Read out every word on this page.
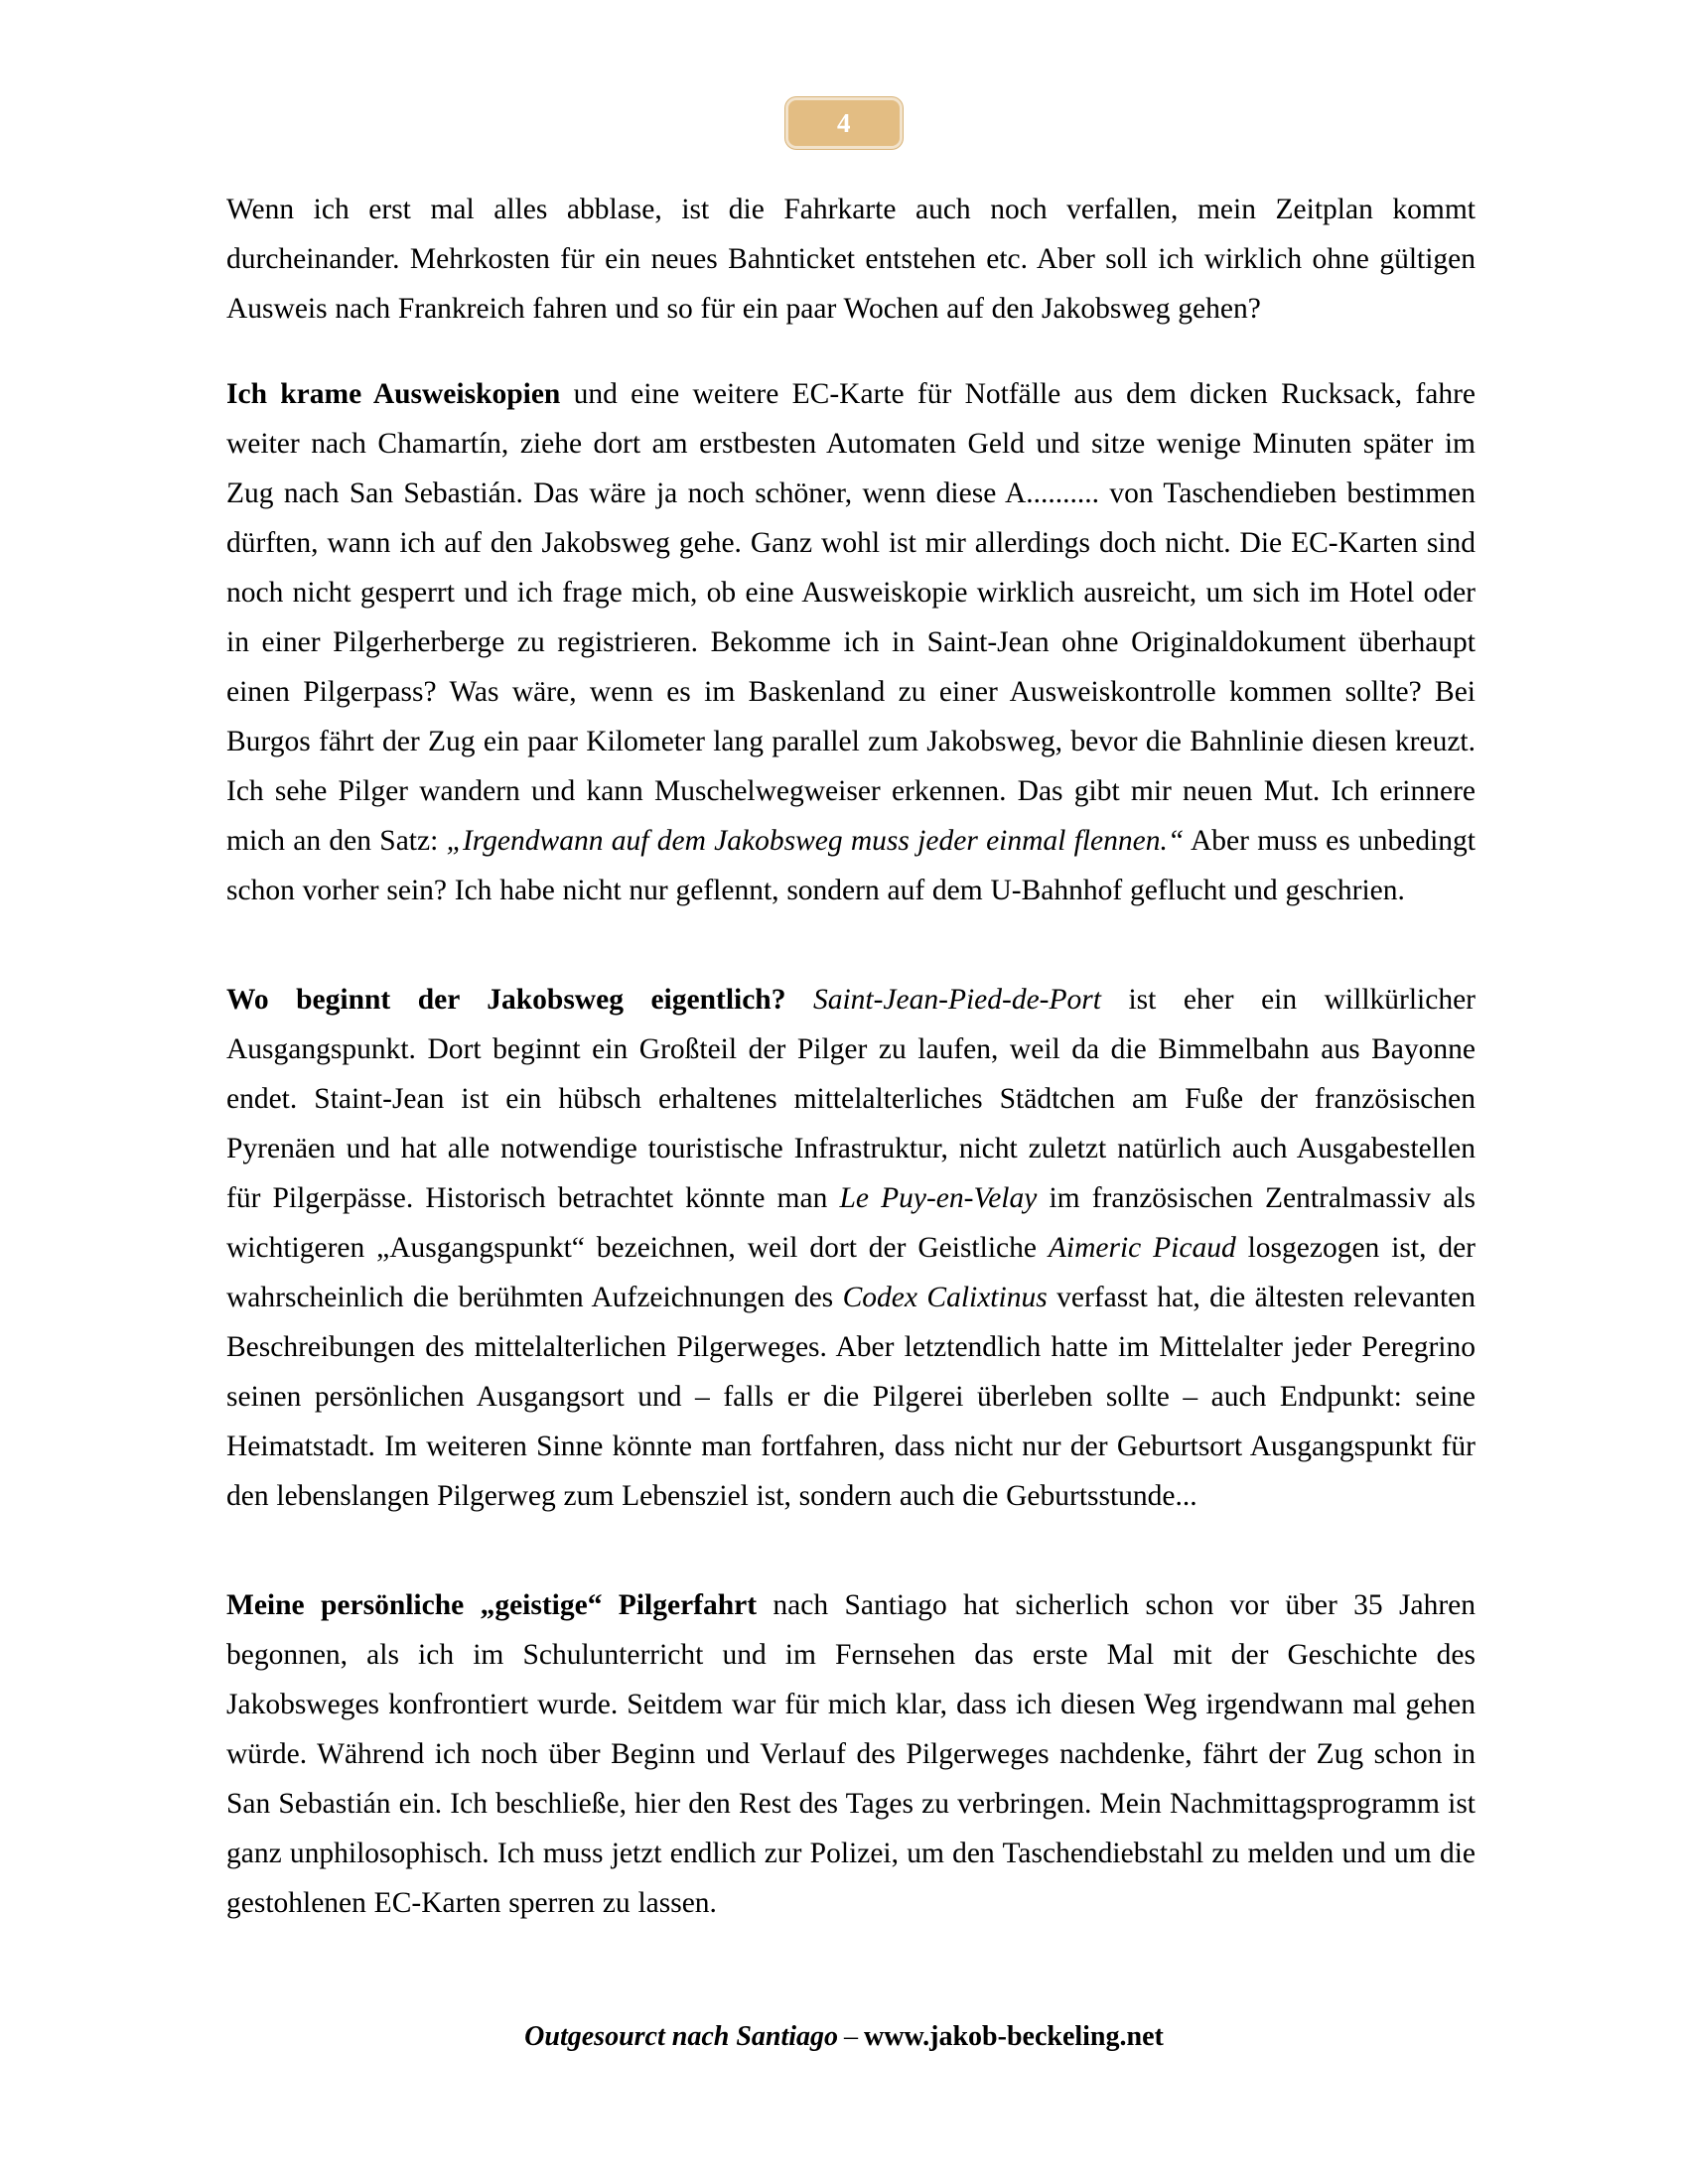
4

Wenn ich erst mal alles abblase, ist die Fahrkarte auch noch verfallen, mein Zeitplan kommt durcheinander. Mehrkosten für ein neues Bahnticket entstehen etc. Aber soll ich wirklich ohne gültigen Ausweis nach Frankreich fahren und so für ein paar Wochen auf den Jakobsweg gehen?

Ich krame Ausweiskopien und eine weitere EC-Karte für Notfälle aus dem dicken Rucksack, fahre weiter nach Chamartín, ziehe dort am erstbesten Automaten Geld und sitze wenige Minuten später im Zug nach San Sebastián. Das wäre ja noch schöner, wenn diese A.......... von Taschendieben bestimmen dürften, wann ich auf den Jakobsweg gehe. Ganz wohl ist mir allerdings doch nicht. Die EC-Karten sind noch nicht gesperrt und ich frage mich, ob eine Ausweiskopie wirklich ausreicht, um sich im Hotel oder in einer Pilgerherberge zu registrieren. Bekomme ich in Saint-Jean ohne Originaldokument überhaupt einen Pilgerpass? Was wäre, wenn es im Baskenland zu einer Ausweiskontrolle kommen sollte? Bei Burgos fährt der Zug ein paar Kilometer lang parallel zum Jakobsweg, bevor die Bahnlinie diesen kreuzt. Ich sehe Pilger wandern und kann Muschelwegweiser erkennen. Das gibt mir neuen Mut. Ich erinnere mich an den Satz: „Irgendwann auf dem Jakobsweg muss jeder einmal flennen.“ Aber muss es unbedingt schon vorher sein? Ich habe nicht nur geflennt, sondern auf dem U-Bahnhof geflucht und geschrien.

Wo beginnt der Jakobsweg eigentlich? Saint-Jean-Pied-de-Port ist eher ein willkürlicher Ausgangspunkt. Dort beginnt ein Großteil der Pilger zu laufen, weil da die Bimmelbahn aus Bayonne endet. Staint-Jean ist ein hübsch erhaltenes mittelalterliches Städtchen am Fuße der französischen Pyrenäen und hat alle notwendige touristische Infrastruktur, nicht zuletzt natürlich auch Ausgabestellen für Pilgerpässe. Historisch betrachtet könnte man Le Puy-en-Velay im französischen Zentralmassiv als wichtigeren „Ausgangspunkt“ bezeichnen, weil dort der Geistliche Aimeric Picaud losgezogen ist, der wahrscheinlich die berühmten Aufzeichnungen des Codex Calixtinus verfasst hat, die ältesten relevanten Beschreibungen des mittelalterlichen Pilgerweges. Aber letztendlich hatte im Mittelalter jeder Peregrino seinen persönlichen Ausgangsort und – falls er die Pilgerei überleben sollte – auch Endpunkt: seine Heimatstadt. Im weiteren Sinne könnte man fortfahren, dass nicht nur der Geburtsort Ausgangspunkt für den lebenslangen Pilgerweg zum Lebensziel ist, sondern auch die Geburtsstunde...

Meine persönliche „geistige“ Pilgerfahrt nach Santiago hat sicherlich schon vor über 35 Jahren begonnen, als ich im Schulunterricht und im Fernsehen das erste Mal mit der Geschichte des Jakobsweges konfrontiert wurde. Seitdem war für mich klar, dass ich diesen Weg irgendwann mal gehen würde. Während ich noch über Beginn und Verlauf des Pilgerweges nachdenke, fährt der Zug schon in San Sebastián ein. Ich beschließe, hier den Rest des Tages zu verbringen. Mein Nachmittagsprogramm ist ganz unphilosophisch. Ich muss jetzt endlich zur Polizei, um den Taschendiebstahl zu melden und um die gestohlenen EC-Karten sperren zu lassen.

Outgesourct nach Santiago – www.jakob-beckeling.net
